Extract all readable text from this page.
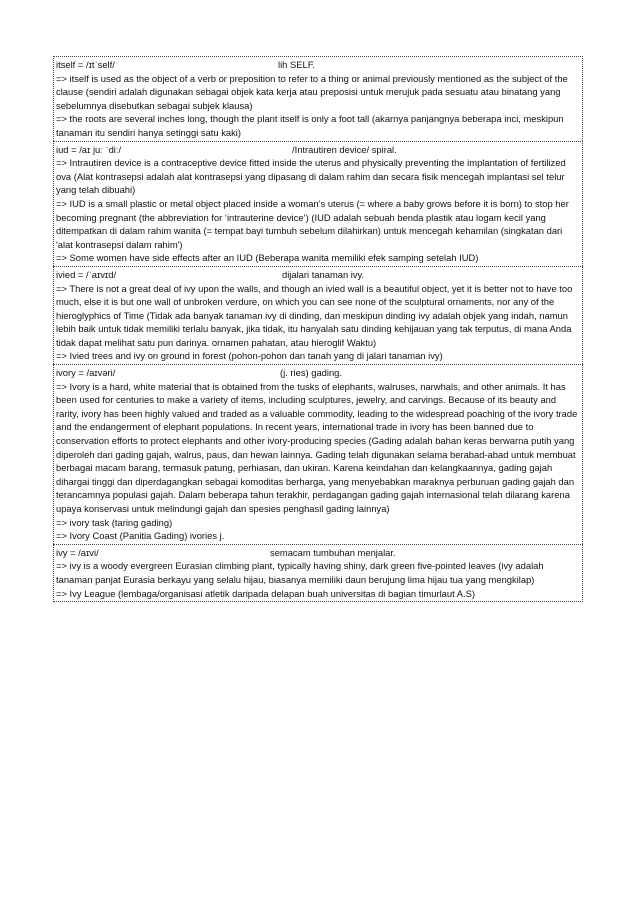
itself = /ɪtˈself/	lih SELF.
=> itself is used as the object of a verb or preposition to refer to a thing or animal previously mentioned as the subject of the clause (sendiri adalah digunakan sebagai objek kata kerja atau preposisi untuk merujuk pada sesuatu atau binatang yang sebelumnya disebutkan sebagai subjek klausa)
=> the roots are several inches long, though the plant itself is only a foot tall (akarnya panjangnya beberapa inci, meskipun tanaman itu sendiri hanya setinggi satu kaki)
iud = /aɪ juː ˈdiː/	/Intrautiren device/ spiral.
=> Intrautiren device is a contraceptive device fitted inside the uterus and physically preventing the implantation of fertilized ova (Alat kontrasepsi adalah alat kontrasepsi yang dipasang di dalam rahim dan secara fisik mencegah implantasi sel telur yang telah dibuahi)
=> IUD is a small plastic or metal object placed inside a woman’s uterus (= where a baby grows before it is born) to stop her becoming pregnant (the abbreviation for ‘intrauterine device’) (IUD adalah sebuah benda plastik atau logam kecil yang ditempatkan di dalam rahim wanita (= tempat bayi tumbuh sebelum dilahirkan) untuk mencegah kehamilan (singkatan dari 'alat kontrasepsi dalam rahim')
=> Some women have side effects after an IUD (Beberapa wanita memiliki efek samping setelah IUD)
ivied = /ˈaɪvɪd/	dijalari tanaman ivy.
=> There is not a great deal of ivy upon the walls, and though an ivied wall is a beautiful object, yet it is better not to have too much, else it is but one wall of unbroken verdure, on which you can see none of the sculptural ornaments, nor any of the hieroglyphics of Time (Tidak ada banyak tanaman ivy di dinding, dan meskipun dinding ivy adalah objek yang indah, namun lebih baik untuk tidak memiliki terlalu banyak, jika tidak, itu hanyalah satu dinding kehijauan yang tak terputus, di mana Anda tidak dapat melihat satu pun darinya. ornamen pahatan, atau hieroglif Waktu)
=> Ivied trees and ivy on ground in forest (pohon-pohon dan tanah yang di jalari tanaman ivy)
ivory = /aɪvəri/	(j. ries) gading.
=> Ivory is a hard, white material that is obtained from the tusks of elephants, walruses, narwhals, and other animals. It has been used for centuries to make a variety of items, including sculptures, jewelry, and carvings. Because of its beauty and rarity, ivory has been highly valued and traded as a valuable commodity, leading to the widespread poaching of the ivory trade and the endangerment of elephant populations. In recent years, international trade in ivory has been banned due to conservation efforts to protect elephants and other ivory-producing species (Gading adalah bahan keras berwarna putih yang diperoleh dari gading gajah, walrus, paus, dan hewan lainnya. Gading telah digunakan selama berabad-abad untuk membuat berbagai macam barang, termasuk patung, perhiasan, dan ukiran. Karena keindahan dan kelangkaannya, gading gajah dihargai tinggi dan diperdagangkan sebagai komoditas berharga, yang menyebabkan maraknya perburuan gading gajah dan terancamnya populasi gajah. Dalam beberapa tahun terakhir, perdagangan gading gajah internasional telah dilarang karena upaya konservasi untuk melindungi gajah dan spesies penghasil gading lainnya)
=> ivory task (taring gading)
=> Ivory Coast (Panitia Gading) ivories j.
ivy = /aɪvi/	semacam tumbuhan menjalar.
=> ivy is a woody evergreen Eurasian climbing plant, typically having shiny, dark green five-pointed leaves (ivy adalah tanaman panjat Eurasia berkayu yang selalu hijau, biasanya memiliki daun berujung lima hijau tua yang mengkilap)
=> Ivy League (lembaga/organisasi atletik daripada delapan buah universitas di bagian timurlaut A.S)
